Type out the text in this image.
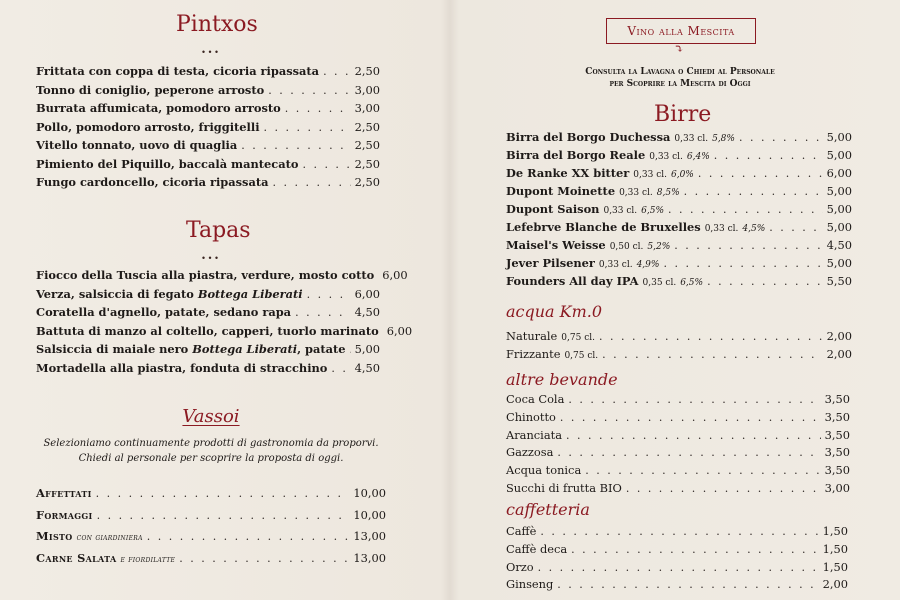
Pintxos
...
Frittata con coppa di testa, cicoria ripassata . . .	2,50
Tonno di coniglio, peperone arrosto . . .	3,00
Burrata affumicata, pomodoro arrosto . . .	3,00
Pollo, pomodoro arrosto, friggitelli . . .	2,50
Vitello tonnato, uovo di quaglia . . .	2,50
Pimiento del Piquillo, baccalà mantecato . . .	2,50
Fungo cardoncello, cicoria ripassata . . .	2,50
Tapas
...
Fiocco della Tuscia alla piastra, verdure, mosto cotto 6,00
Verza, salsiccia di fegato Bottega Liberati . . .	6,00
Coratella d'agnello, patate, sedano rapa . . .	4,50
Battuta di manzo al coltello, capperi, tuorlo marinato 6,00
Salsiccia di maiale nero Bottega Liberati, patate . . . 5,00
Mortadella alla piastra, fonduta di stracchino . . . 4,50
Vassoi
Selezioniamo continuamente prodotti di gastronomia da proporvi.
Chiedi al personale per scoprire la proposta di oggi.
Affettati . . .	10,00
Formaggi . . .	10,00
Misto con giardiniera . . .	13,00
Carne Salata e fiordilatte . . .	13,00
Vino alla Mescita
⤵
Consulta la Lavagna o Chiedi al Personale
per Scoprire la Mescita di Oggi
Birre
Birra del Borgo Duchessa 0,33 cl. 5,8% . . .	5,00
Birra del Borgo Reale 0,33 cl. 6,4% . . .	5,00
De Ranke XX bitter 0,33 cl. 6,0% . . .	6,00
Dupont Moinette 0,33 cl. 8,5% . . .	5,00
Dupont Saison 0,33 cl. 6,5% . . .	5,00
Lefebrve Blanche de Bruxelles 0,33 cl. 4,5% . . .	5,00
Maisel's Weisse 0,50 cl. 5,2% . . .	4,50
Jever Pilsener 0,33 cl. 4,9% . . .	5,00
Founders All day IPA 0,35 cl. 6,5% . . .	5,50
acqua Km.0
Naturale 0,75 cl. . . .	2,00
Frizzante 0,75 cl. . . .	2,00
altre bevande
Coca Cola . . .	3,50
Chinotto . . .	3,50
Aranciata . . .	3,50
Gazzosa . . .	3,50
Acqua tonica . . .	3,50
Succhi di frutta BIO . . .	3,00
caffetteria
Caffè . . .	1,50
Caffè deca . . .	1,50
Orzo . . .	1,50
Ginseng . . .	2,00
